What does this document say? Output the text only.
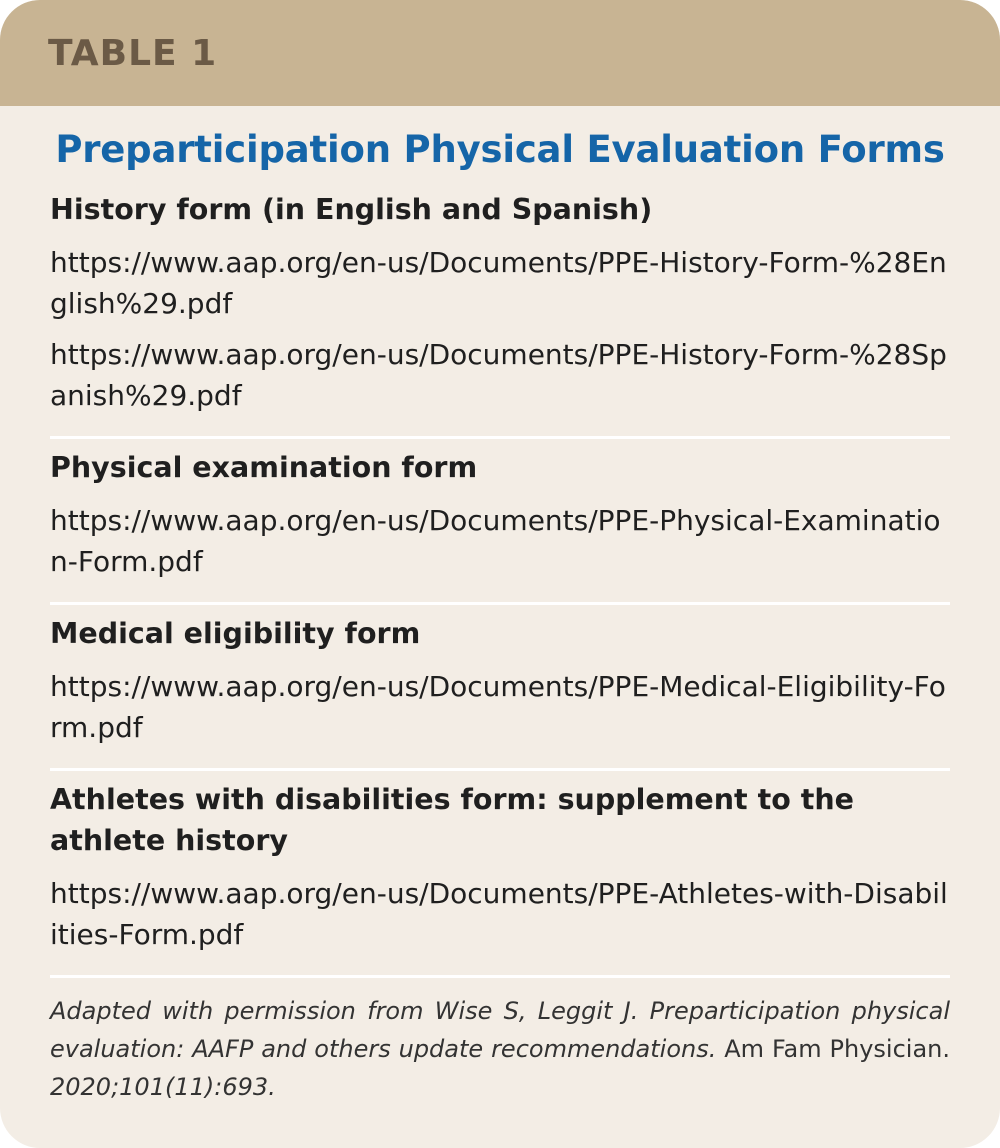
TABLE 1
Preparticipation Physical Evaluation Forms
History form (in English and Spanish)
https://www.aap.org/en-us/Documents/PPE-History-Form-%28English%29.pdf
https://www.aap.org/en-us/Documents/PPE-History-Form-%28Spanish%29.pdf
Physical examination form
https://www.aap.org/en-us/Documents/PPE-Physical-Examination-Form.pdf
Medical eligibility form
https://www.aap.org/en-us/Documents/PPE-Medical-Eligibility-Form.pdf
Athletes with disabilities form: supplement to the athlete history
https://www.aap.org/en-us/Documents/PPE-Athletes-with-Disabilities-Form.pdf
Adapted with permission from Wise S, Leggit J. Preparticipation physical evaluation: AAFP and others update recommendations. Am Fam Physician. 2020;101(11):693.
